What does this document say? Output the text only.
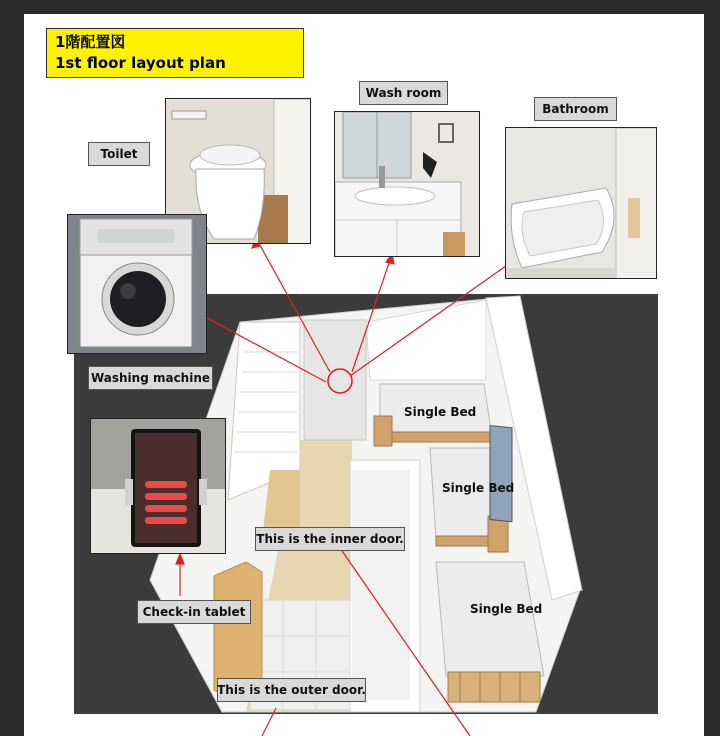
1階配置図
1st floor layout plan
Toilet
Wash room
Bathroom
Washing machine
Check-in tablet
This is the inner door.
This is the outer door.
Single Bed
Single Bed
Single Bed
